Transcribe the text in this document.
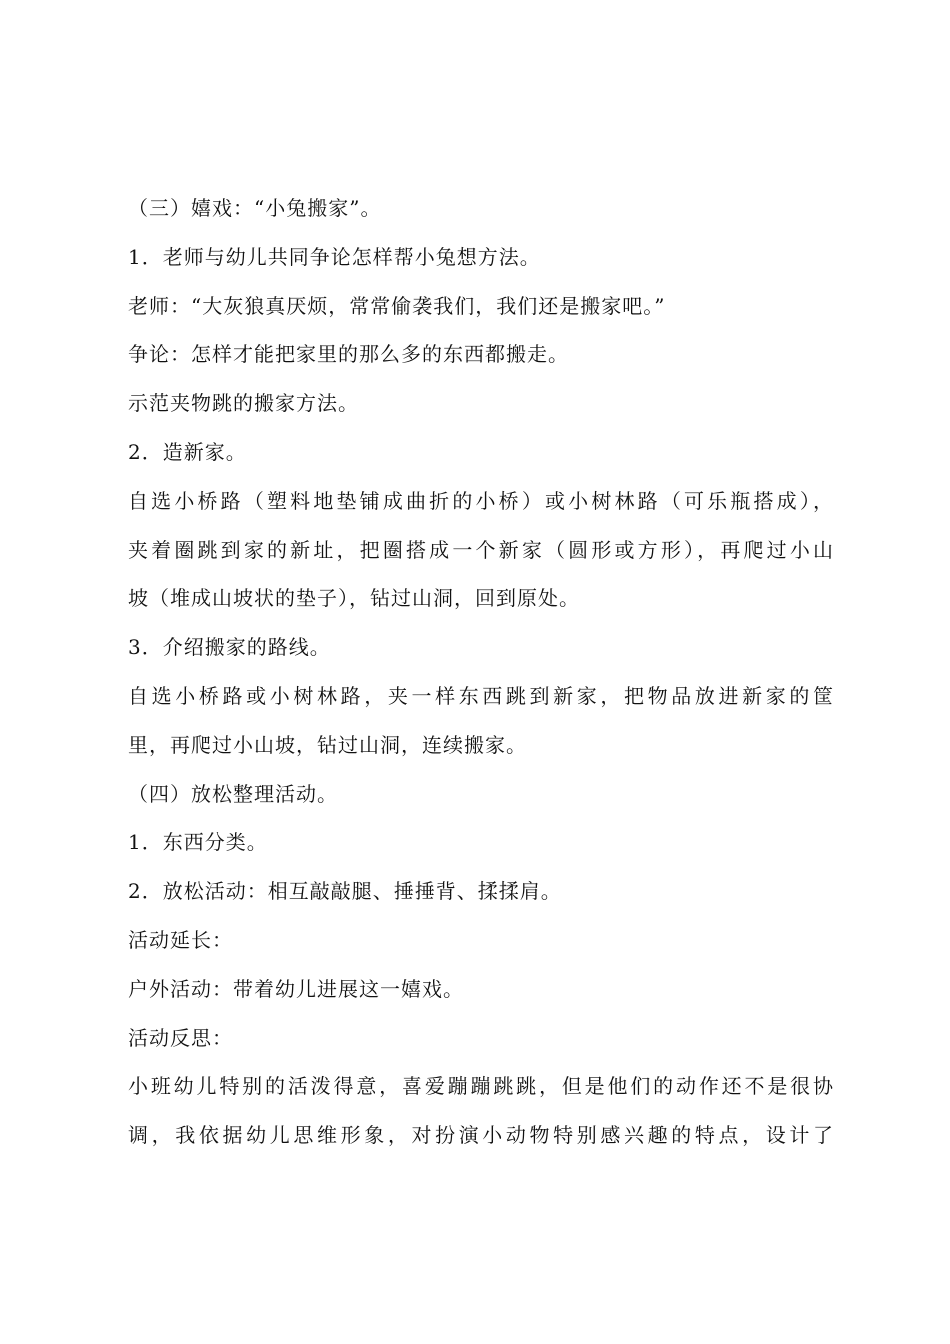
（三）嬉戏：“小兔搬家”。
1．老师与幼儿共同争论怎样帮小兔想方法。
老师：“大灰狼真厌烦，常常偷袭我们，我们还是搬家吧。”
争论：怎样才能把家里的那么多的东西都搬走。
示范夹物跳的搬家方法。
2．造新家。
自选小桥路（塑料地垫铺成曲折的小桥）或小树林路（可乐瓶搭成），
夹着圈跳到家的新址，把圈搭成一个新家（圆形或方形），再爬过小山
坡（堆成山坡状的垫子），钻过山洞，回到原处。
3．介绍搬家的路线。
自选小桥路或小树林路，夹一样东西跳到新家，把物品放进新家的筐
里，再爬过小山坡，钻过山洞，连续搬家。
（四）放松整理活动。
1．东西分类。
2．放松活动：相互敲敲腿、捶捶背、揉揉肩。
活动延长：
户外活动：带着幼儿进展这一嬉戏。
活动反思：
小班幼儿特别的活泼得意，喜爱蹦蹦跳跳，但是他们的动作还不是很协
调，我依据幼儿思维形象，对扮演小动物特别感兴趣的特点，设计了
